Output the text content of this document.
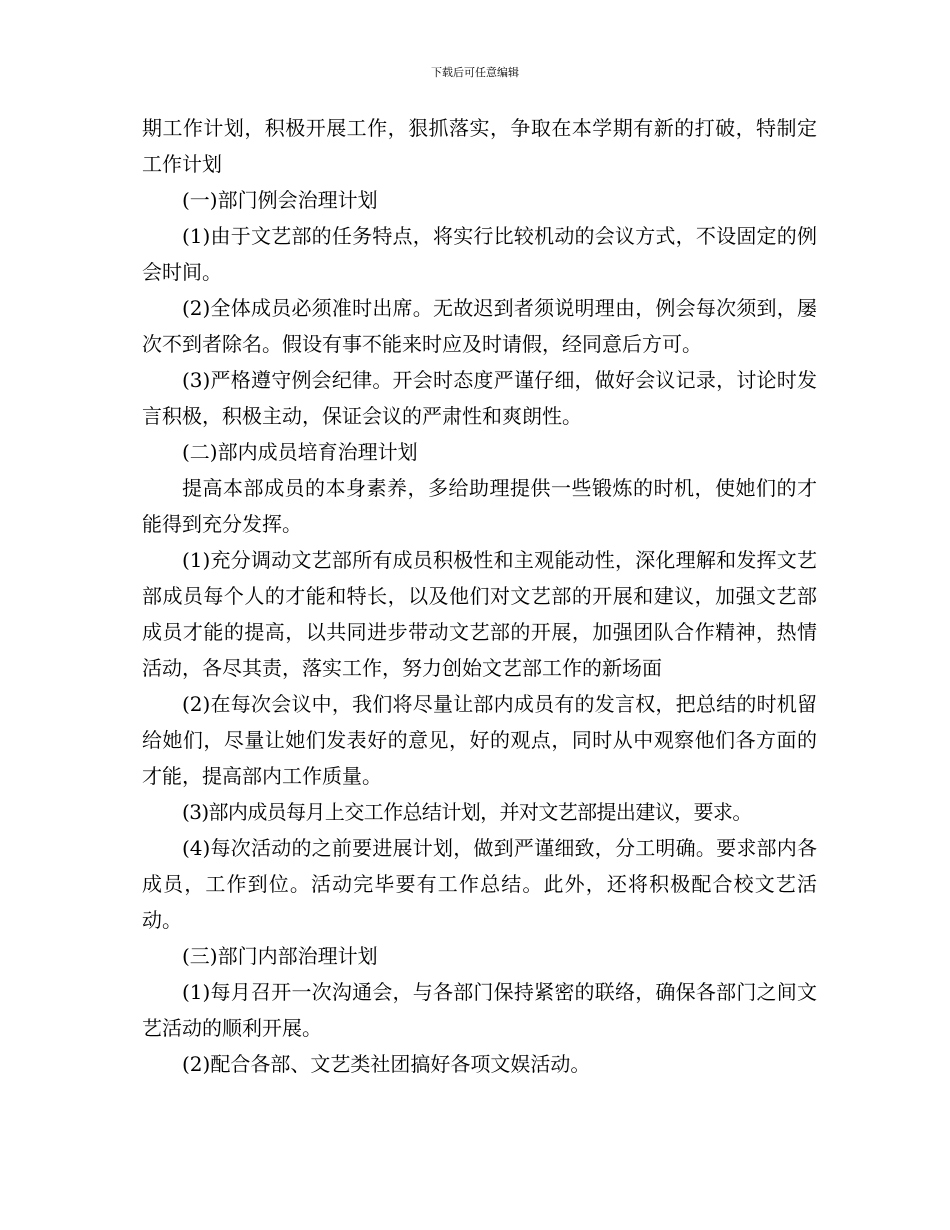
下载后可任意编辑

期工作计划，积极开展工作，狠抓落实，争取在本学期有新的打破，特制定工作计划

(一)部门例会治理计划

(1)由于文艺部的任务特点，将实行比较机动的会议方式，不设固定的例会时间。

(2)全体成员必须准时出席。无故迟到者须说明理由，例会每次须到，屡次不到者除名。假设有事不能来时应及时请假，经同意后方可。

(3)严格遵守例会纪律。开会时态度严谨仔细，做好会议记录，讨论时发言积极，积极主动，保证会议的严肃性和爽朗性。

(二)部内成员培育治理计划

提高本部成员的本身素养，多给助理提供一些锻炼的时机，使她们的才能得到充分发挥。

(1)充分调动文艺部所有成员积极性和主观能动性，深化理解和发挥文艺部成员每个人的才能和特长，以及他们对文艺部的开展和建议，加强文艺部成员才能的提高，以共同进步带动文艺部的开展，加强团队合作精神，热情活动，各尽其责，落实工作，努力创始文艺部工作的新场面

(2)在每次会议中，我们将尽量让部内成员有的发言权，把总结的时机留给她们，尽量让她们发表好的意见，好的观点，同时从中观察他们各方面的才能，提高部内工作质量。

(3)部内成员每月上交工作总结计划，并对文艺部提出建议，要求。

(4)每次活动的之前要进展计划，做到严谨细致，分工明确。要求部内各成员，工作到位。活动完毕要有工作总结。此外，还将积极配合校文艺活动。

(三)部门内部治理计划

(1)每月召开一次沟通会，与各部门保持紧密的联络，确保各部门之间文艺活动的顺利开展。

(2)配合各部、文艺类社团搞好各项文娱活动。
